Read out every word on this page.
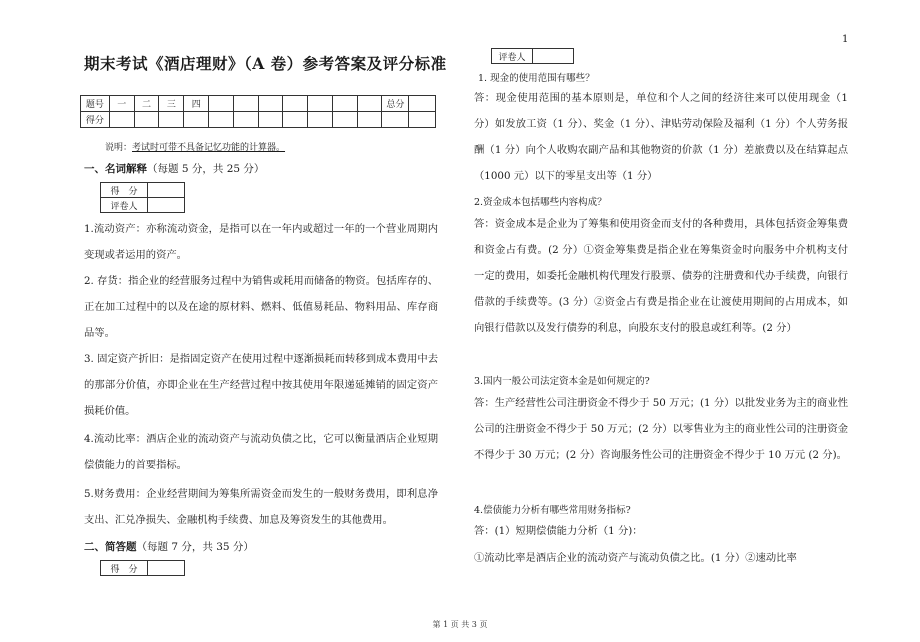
1
期末考试《酒店理财》（A 卷）参考答案及评分标准
题号	一	二	三	四								总分	
得分													
说明：考试时可带不具备记忆功能的计算器。
一、名词解释（每题 5 分，共 25 分）
得　分	
评卷人	
1.流动资产：亦称流动资金，是指可以在一年内或超过一年的一个营业周期内变现或者运用的资产。
2. 存货：指企业的经营服务过程中为销售或耗用而储备的物资。包括库存的、正在加工过程中的以及在途的原材料、燃料、低值易耗品、物料用品、库存商品等。
3. 固定资产折旧：是指固定资产在使用过程中逐渐损耗而转移到成本费用中去的那部分价值，亦即企业在生产经营过程中按其使用年限递延摊销的固定资产损耗价值。
4.流动比率：酒店企业的流动资产与流动负债之比，它可以衡量酒店企业短期偿债能力的首要指标。
5.财务费用：企业经营期间为筹集所需资金而发生的一般财务费用，即利息净支出、汇兑净损失、金融机构手续费、加息及筹资发生的其他费用。
二、简答题（每题 7 分，共 35 分）
得　分	
评卷人	
1. 现金的使用范围有哪些？
答：现金使用范围的基本原则是，单位和个人之间的经济往来可以使用现金（1 分）如发放工资（1 分）、奖金（1 分）、津贴劳动保险及福利（1 分）个人劳务报酬（1 分）向个人收购农副产品和其他物资的价款（1 分）差旅费以及在结算起点（1000 元）以下的零星支出等（1 分）
2.资金成本包括哪些内容构成？
答：资金成本是企业为了筹集和使用资金而支付的各种费用，具体包括资金筹集费和资金占有费。(2 分）①资金筹集费是指企业在筹集资金时向服务中介机构支付一定的费用，如委托金融机构代理发行股票、债券的注册费和代办手续费，向银行借款的手续费等。(3 分）②资金占有费是指企业在让渡使用期间的占用成本，如向银行借款以及发行债券的利息，向股东支付的股息或红利等。(2 分）
3.国内一般公司法定资本金是如何规定的?
答：生产经营性公司注册资金不得少于 50 万元；(1 分）以批发业务为主的商业性公司的注册资金不得少于 50 万元；(2 分）以零售业为主的商业性公司的注册资金不得少于 30 万元；(2 分）咨询服务性公司的注册资金不得少于 10 万元 (2 分)。
4.偿债能力分析有哪些常用财务指标?
答：(1）短期偿债能力分析（1 分)：
①流动比率是酒店企业的流动资产与流动负债之比。(1 分）②速动比率
第 1 页 共 3 页
